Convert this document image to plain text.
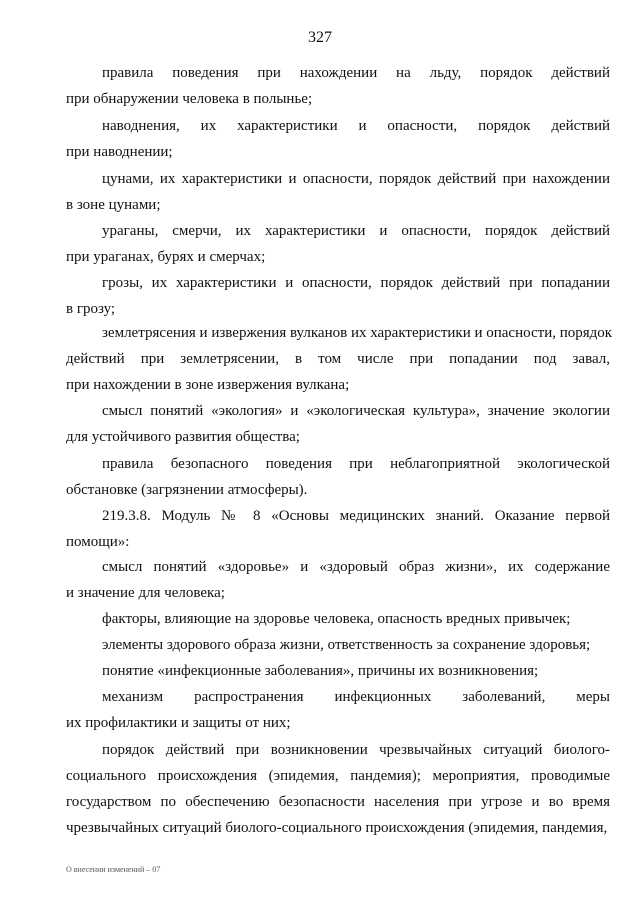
327
правила поведения при нахождении на льду, порядок действий
при обнаружении человека в полынье;
наводнения, их характеристики и опасности, порядок действий
при наводнении;
цунами, их характеристики и опасности, порядок действий при нахождении
в зоне цунами;
ураганы, смерчи, их характеристики и опасности, порядок действий
при ураганах, бурях и смерчах;
грозы, их характеристики и опасности, порядок действий при попадании
в грозу;
землетрясения и извержения вулканов их характеристики и опасности, порядок
действий при землетрясении, в том числе при попадании под завал,
при нахождении в зоне извержения вулкана;
смысл понятий «экология» и «экологическая культура», значение экологии
для устойчивого развития общества;
правила безопасного поведения при неблагоприятной экологической
обстановке (загрязнении атмосферы).
219.3.8. Модуль № 8 «Основы медицинских знаний. Оказание первой
помощи»:
смысл понятий «здоровье» и «здоровый образ жизни», их содержание
и значение для человека;
факторы, влияющие на здоровье человека, опасность вредных привычек;
элементы здорового образа жизни, ответственность за сохранение здоровья;
понятие «инфекционные заболевания», причины их возникновения;
механизм распространения инфекционных заболеваний, меры
их профилактики и защиты от них;
порядок действий при возникновении чрезвычайных ситуаций биолого-
социального происхождения (эпидемия, пандемия); мероприятия, проводимые
государством по обеспечению безопасности населения при угрозе и во время
чрезвычайных ситуаций биолого-социального происхождения (эпидемия, пандемия,
О внесении изменений – 07
